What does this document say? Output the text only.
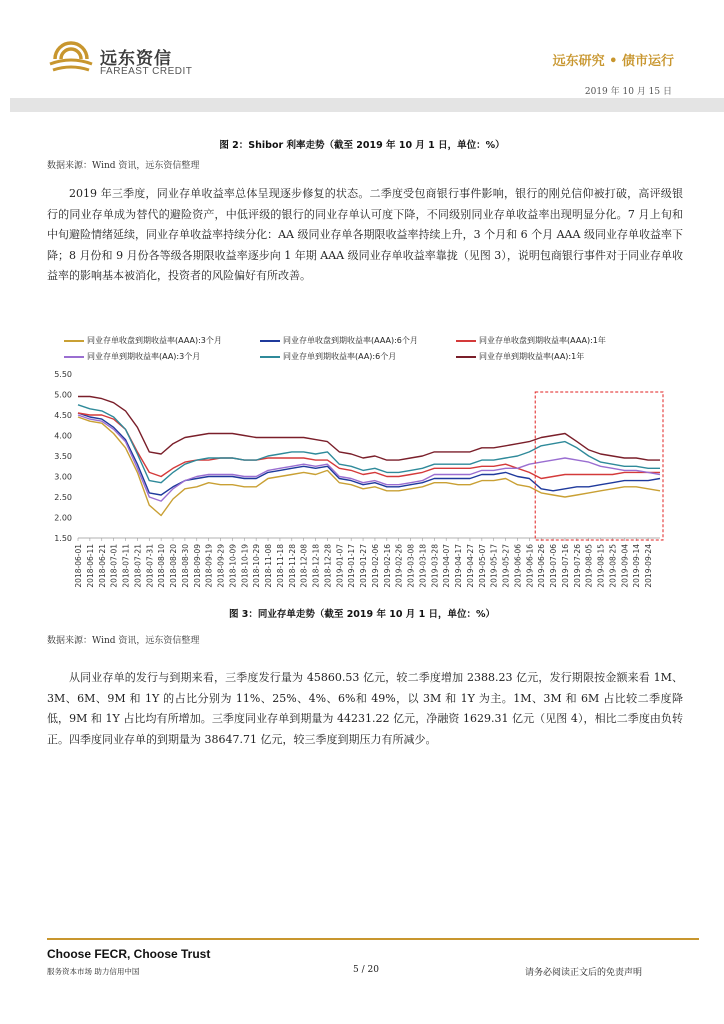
远东资信
FAREAST CREDIT
远东研究 • 债市运行
2019 年 10 月 15 日
图 2：Shibor 利率走势（截至 2019 年 10 月 1 日，单位：%）
数据来源：Wind 资讯，远东资信整理
2019 年三季度，同业存单收益率总体呈现逐步修复的状态。二季度受包商银行事件影响，银行的刚兑信仰被打破，高评级银行的同业存单成为替代的避险资产，中低评级的银行的同业存单认可度下降，不同级别同业存单收益率出现明显分化。7 月上旬和中旬避险情绪延续，同业存单收益率持续分化：AA 级同业存单各期限收益率持续上升，3 个月和 6 个月 AAA 级同业存单收益率下降；8 月份和 9 月份各等级各期限收益率逐步向 1 年期 AAA 级同业存单收益率靠拢（见图 3），说明包商银行事件对于同业存单收益率的影响基本被消化，投资者的风险偏好有所改善。
同业存单收盘到期收益率(AAA):3个月	同业存单收盘到期收益率(AAA):6个月	同业存单收盘到期收益率(AAA):1年
同业存单到期收益率(AA):3个月	同业存单到期收益率(AA):6个月	同业存单到期收益率(AA):1年
5.50
5.00
4.50
4.00
3.50
3.00
2.50
2.00
1.50
2018-06-01 2018-06-11 2018-06-21 2018-07-01 2018-07-11 2018-07-21 2018-07-31 2018-08-10 2018-08-20 2018-08-30 2018-09-09 2018-09-19 2018-09-29 2018-10-09 2018-10-19 2018-10-29 2018-11-08 2018-11-18 2018-11-28 2018-12-08 2018-12-18 2018-12-28 2019-01-07 2019-01-17 2019-01-27 2019-02-06 2019-02-16 2019-02-26 2019-03-08 2019-03-18 2019-03-28 2019-04-07 2019-04-17 2019-04-27 2019-05-07 2019-05-17 2019-05-27 2019-06-06 2019-06-16 2019-06-26 2019-07-06 2019-07-16 2019-07-26 2019-08-05 2019-08-15 2019-08-25 2019-09-04 2019-09-14 2019-09-24
图 3：同业存单走势（截至 2019 年 10 月 1 日，单位：%）
数据来源：Wind 资讯，远东资信整理
从同业存单的发行与到期来看，三季度发行量为 45860.53 亿元，较二季度增加 2388.23 亿元，发行期限按金额来看 1M、3M、6M、9M 和 1Y 的占比分别为 11%、25%、4%、6%和 49%，以 3M 和 1Y 为主。1M、3M 和 6M 占比较二季度降低，9M 和 1Y 占比均有所增加。三季度同业存单到期量为 44231.22 亿元，净融资 1629.31 亿元（见图 4），相比二季度由负转正。四季度同业存单的到期量为 38647.71 亿元，较三季度到期压力有所减少。
Choose FECR, Choose Trust
服务资本市场 助力信用中国	5 / 20	请务必阅读正文后的免责声明
